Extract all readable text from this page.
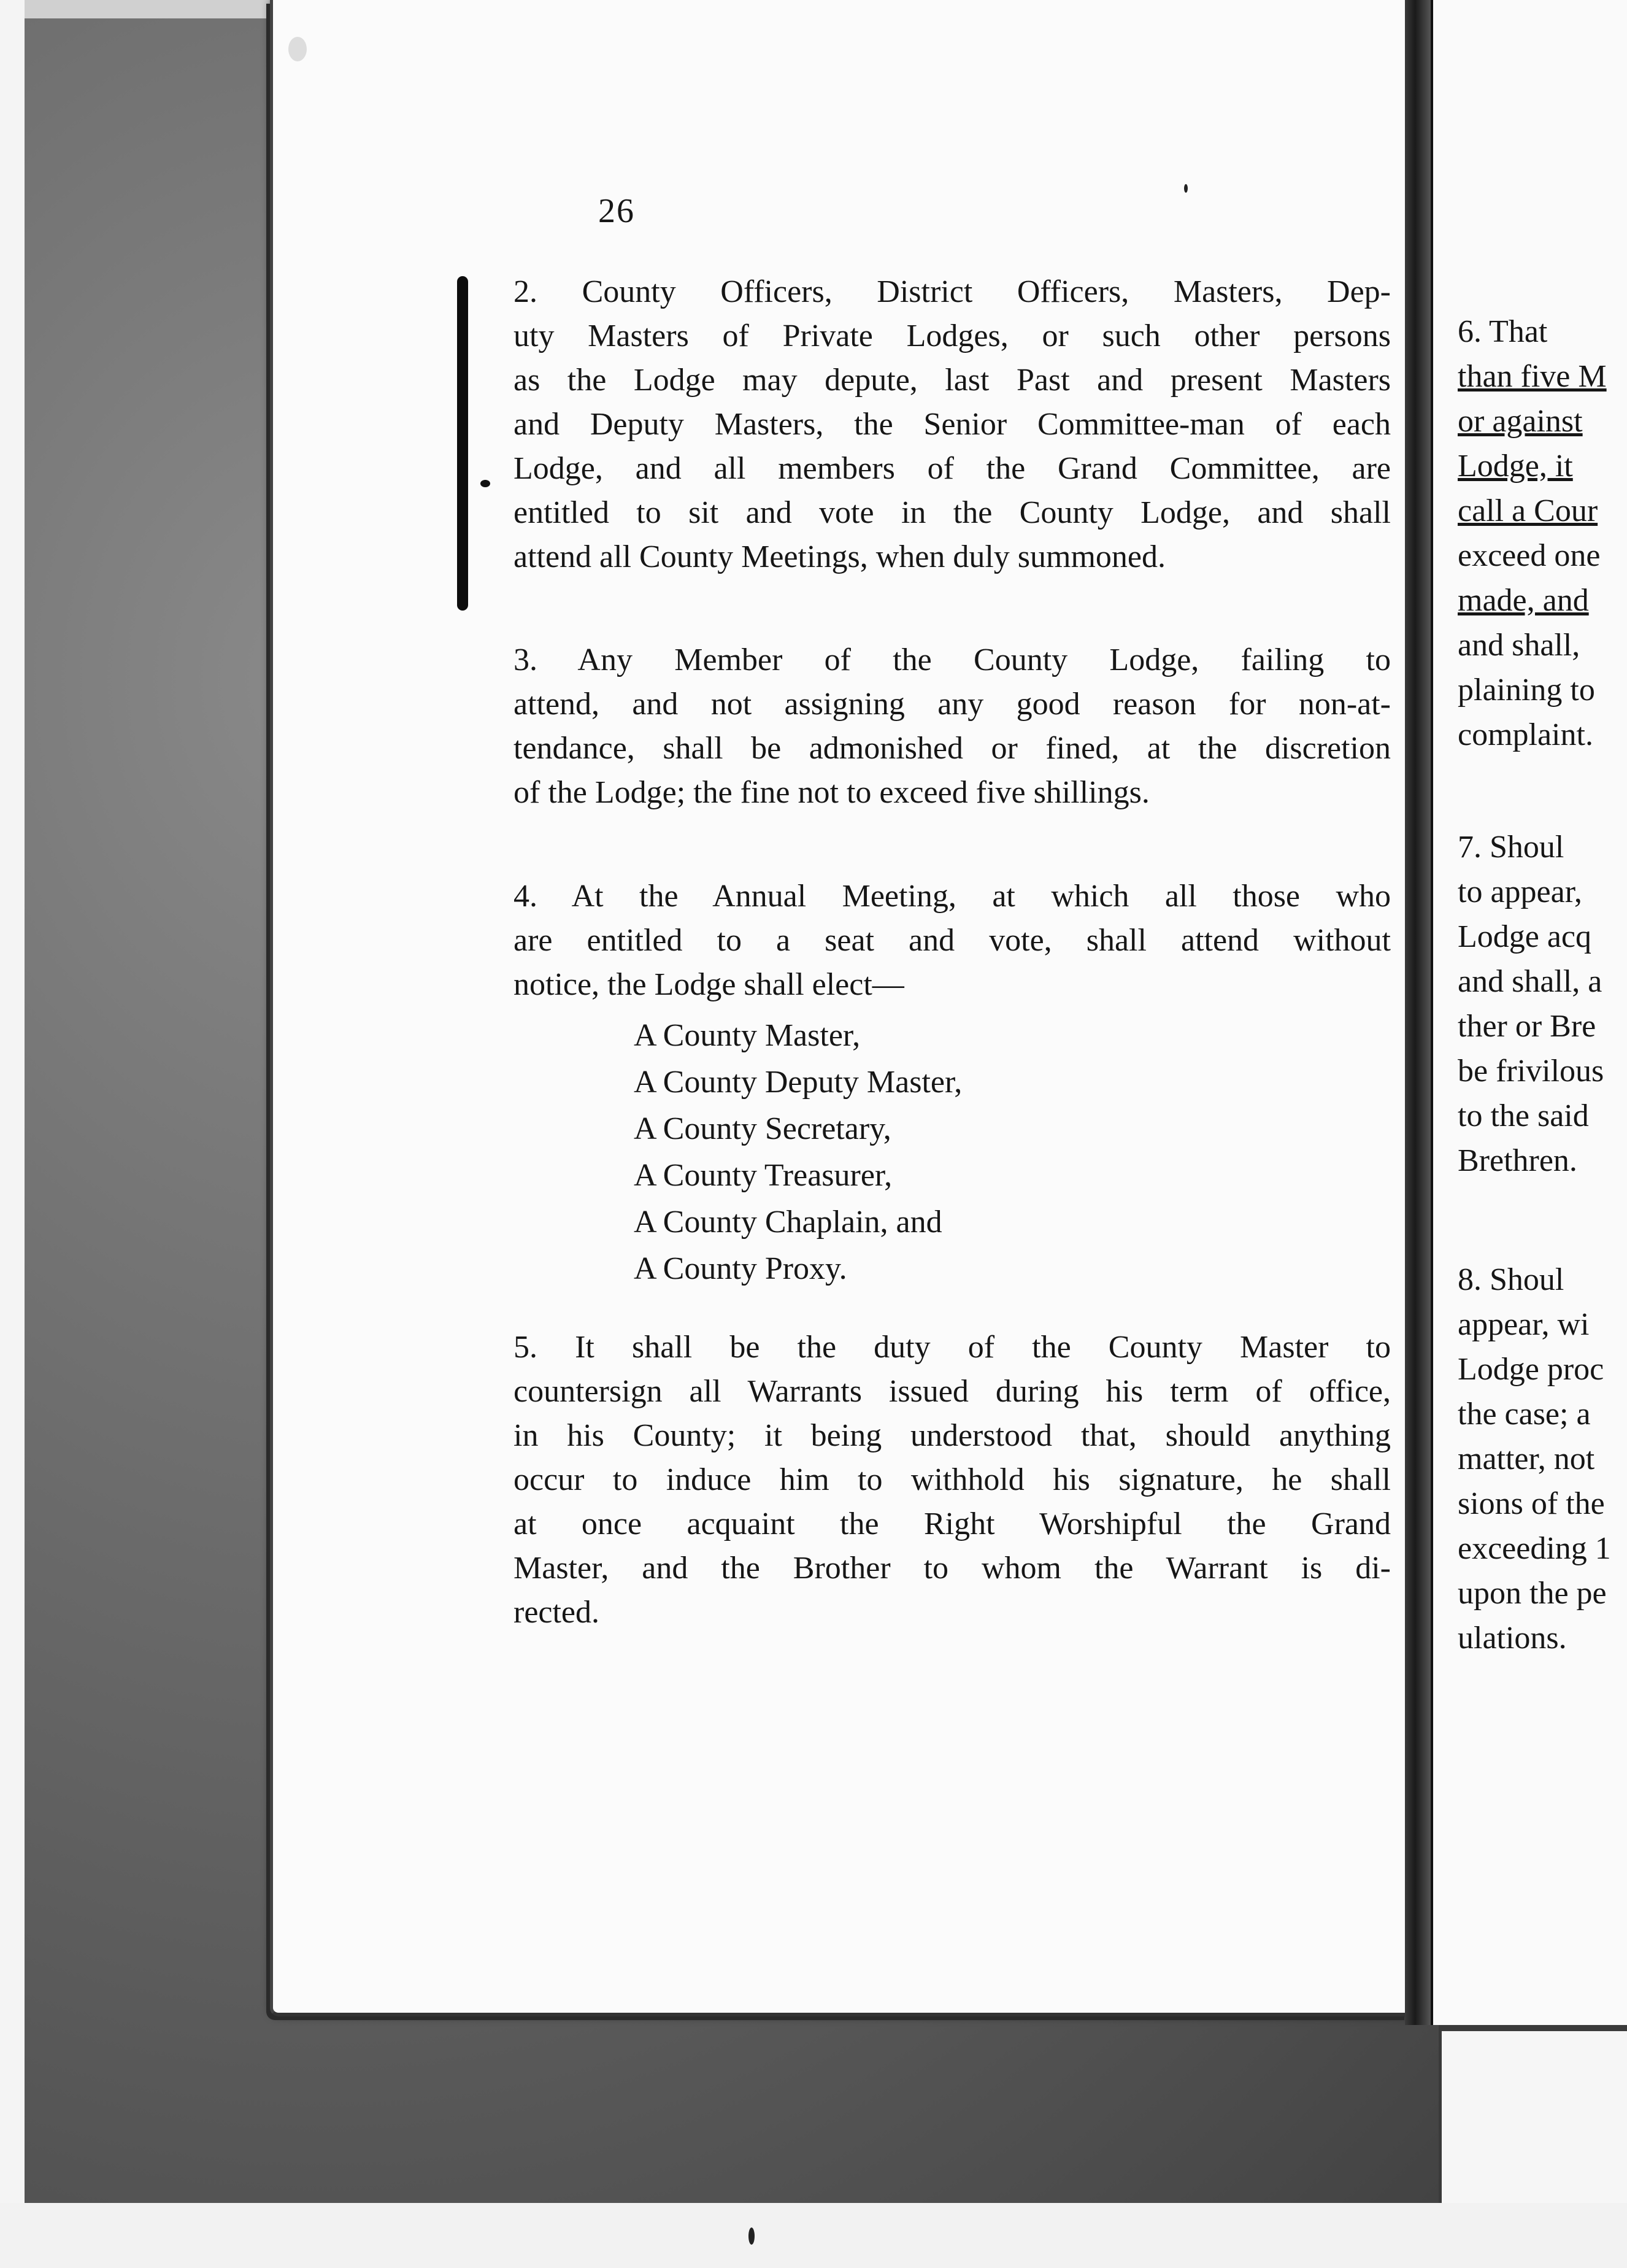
26
2. County Officers, District Officers, Masters, Dep-
uty Masters of Private Lodges, or such other persons
as the Lodge may depute, last Past and present Masters
and Deputy Masters, the Senior Committee-man of each
Lodge, and all members of the Grand Committee, are
entitled to sit and vote in the County Lodge, and shall
attend all County Meetings, when duly summoned.
3. Any Member of the County Lodge, failing to
attend, and not assigning any good reason for non-at-
tendance, shall be admonished or fined, at the discretion
of the Lodge; the fine not to exceed five shillings.
4. At the Annual Meeting, at which all those who
are entitled to a seat and vote, shall attend without
notice, the Lodge shall elect—
A County Master,
A County Deputy Master,
A County Secretary,
A County Treasurer,
A County Chaplain, and
A County Proxy.
5. It shall be the duty of the County Master to
countersign all Warrants issued during his term of office,
in his County; it being understood that, should anything
occur to induce him to withhold his signature, he shall
at once acquaint the Right Worshipful the Grand
Master, and the Brother to whom the Warrant is di-
rected.
6. That
than five M
or against
Lodge, it
call a Cour
exceed one
made, and
and shall,
plaining to
complaint.
7. Shoul
to appear,
Lodge acq
and shall, a
ther or Bre
be frivilous
to the said
Brethren.
8. Shoul
appear, wi
Lodge proc
the case; a
matter, not
sions of the
exceeding 1
upon the pe
ulations.
